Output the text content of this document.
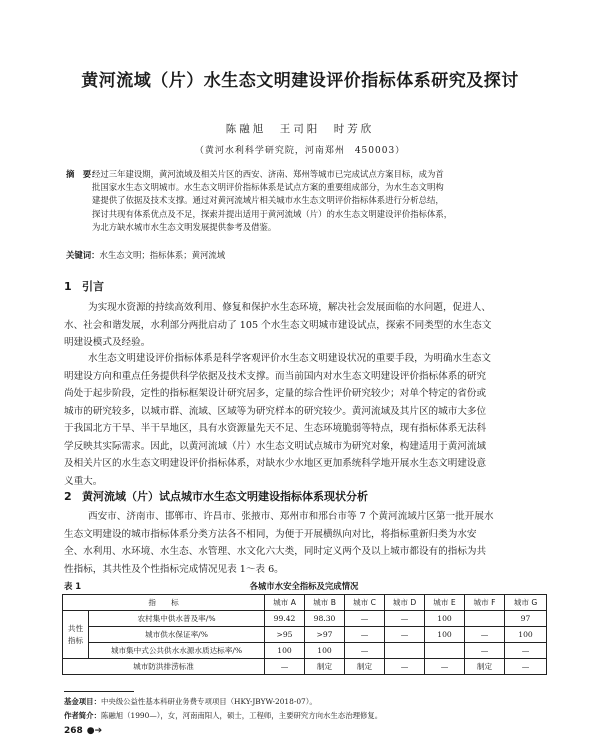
黄河流域（片）水生态文明建设评价指标体系研究及探讨
陈融旭　王司阳　时芳欣
（黄河水利科学研究院，河南郑州　450003）
摘　要：
经过三年建设期，黄河流域及相关片区的西安、济南、郑州等城市已完成试点方案目标，成为首
批国家水生态文明城市。水生态文明评价指标体系是试点方案的重要组成部分，为水生态文明构
建提供了依据及技术支撑。通过对黄河流域片相关城市水生态文明评价指标体系进行分析总结，
探讨共现有体系优点及不足，探索并提出适用于黄河流域（片）的水生态文明建设评价指标体系，
为北方缺水城市水生态文明发展提供参考及借鉴。
关键词：水生态文明；指标体系；黄河流域
1 引言
为实现水资源的持续高效利用、修复和保护水生态环境，解决社会发展面临的水问题，促进人、
水、社会和谐发展，水利部分两批启动了 105 个水生态文明城市建设试点，探索不同类型的水生态文
明建设模式及经验。
水生态文明建设评价指标体系是科学客观评价水生态文明建设状况的重要手段，为明确水生态文
明建设方向和重点任务提供科学依据及技术支撑。而当前国内对水生态文明建设评价指标体系的研究
尚处于起步阶段，定性的指标框架设计研究居多，定量的综合性评价研究较少；对单个特定的省份或
城市的研究较多，以城市群、流域、区域等为研究样本的研究较少。黄河流域及其片区的城市大多位
于我国北方干旱、半干旱地区，具有水资源量先天不足、生态环境脆弱等特点，现有指标体系无法科
学反映其实际需求。因此，以黄河流域（片）水生态文明试点城市为研究对象，构建适用于黄河流域
及相关片区的水生态文明建设评价指标体系，对缺水少水地区更加系统科学地开展水生态文明建设意
义重大。
2 黄河流域（片）试点城市水生态文明建设指标体系现状分析
西安市、济南市、邯郸市、许昌市、张掖市、郑州市和邢台市等 7 个黄河流域片区第一批开展水
生态文明建设的城市指标体系分类方法各不相同，为便于开展横纵向对比，将指标重新归类为水安
全、水利用、水环境、水生态、水管理、水文化六大类，同时定义两个及以上城市都设有的指标为共
性指标，其共性及个性指标完成情况见表 1～表 6。
表 1	各城市水安全指标及完成情况
指　　标		城市 A	城市 B	城市 C	城市 D	城市 E	城市 F	城市 G
共性指标	农村集中供水普及率/%	99.42	98.30	—	—	100		97
	城市供水保证率/%	>95	>97	—	—	100	—	100
	城市集中式公共供水水源水质达标率/%	100	100	—			—	—
城市防洪排涝标准		—	制定	制定	—	—	制定	—
基金项目：中央级公益性基本科研业务费专项项目（HKY-JBYW-2018-07）。
作者简介：陈融旭（1990—），女，河南南阳人，硕士，工程师，主要研究方向水生态治理修复。
268 ●➔
